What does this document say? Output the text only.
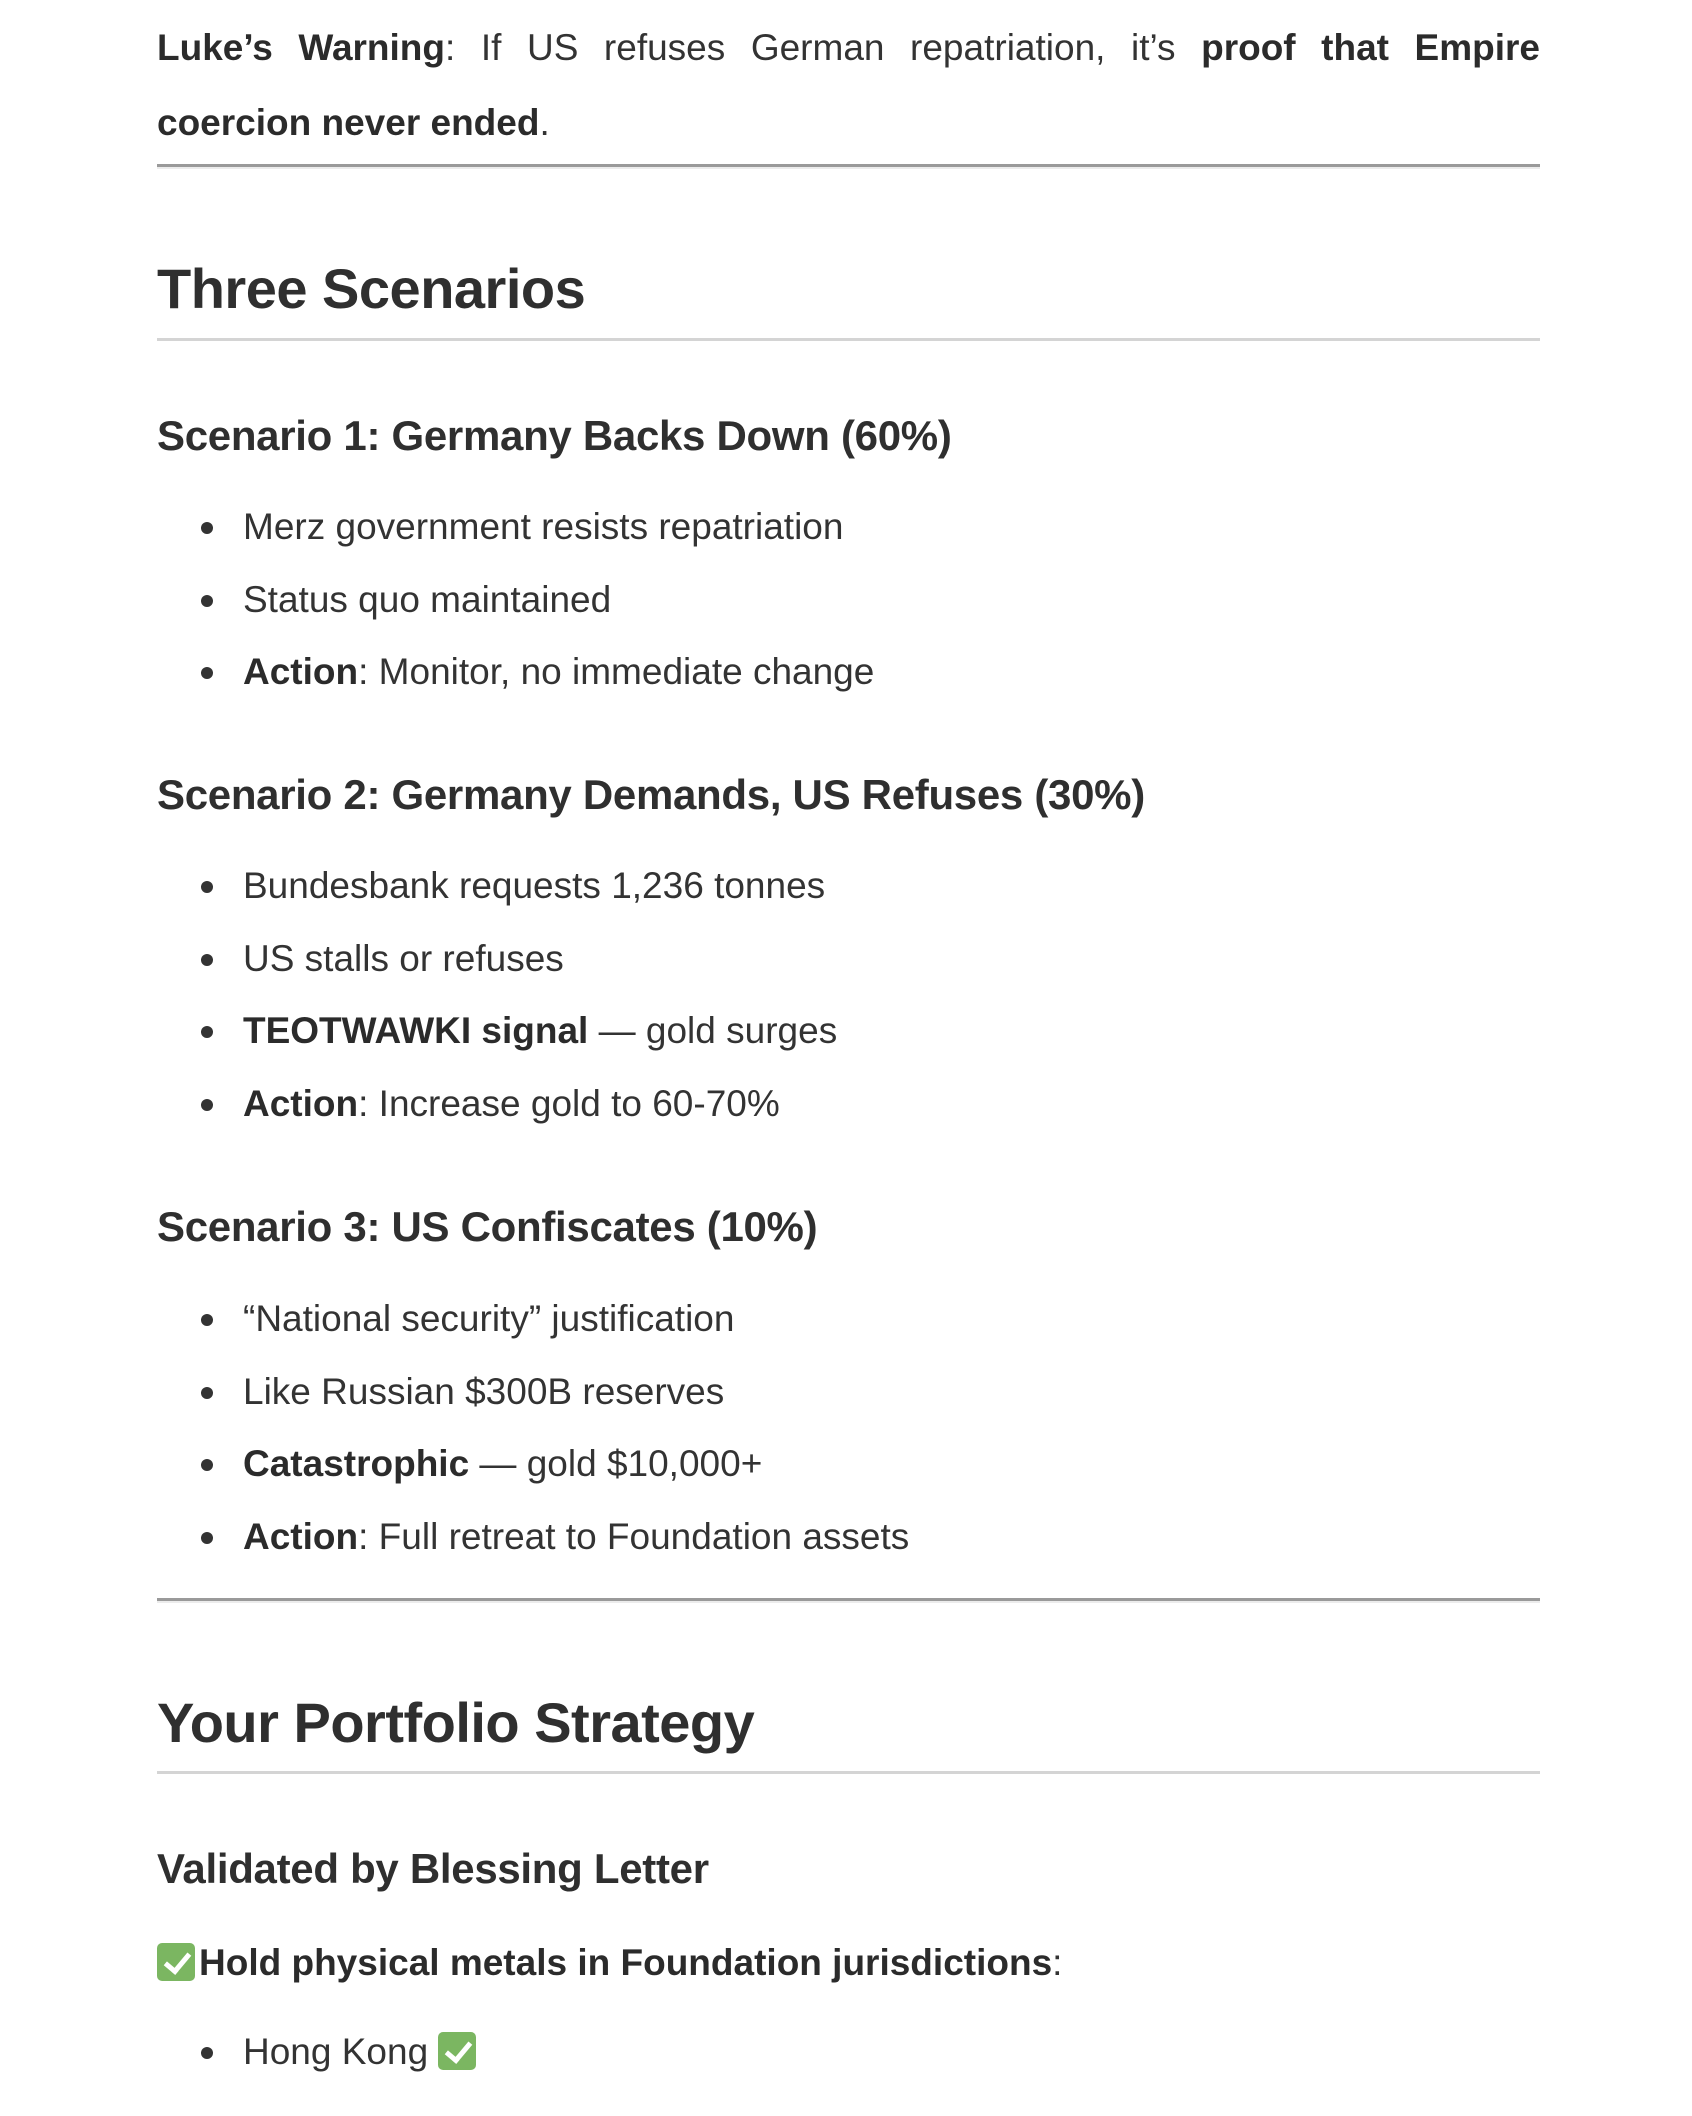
Luke’s Warning: If US refuses German repatriation, it’s proof that Empire coercion never ended.

Three Scenarios
Scenario 1: Germany Backs Down (60%)
Merz government resists repatriation
Status quo maintained
Action: Monitor, no immediate change
Scenario 2: Germany Demands, US Refuses (30%)
Bundesbank requests 1,236 tonnes
US stalls or refuses
TEOTWAWKI signal — gold surges
Action: Increase gold to 60-70%
Scenario 3: US Confiscates (10%)
“National security” justification
Like Russian $300B reserves
Catastrophic — gold $10,000+
Action: Full retreat to Foundation assets
Your Portfolio Strategy
Validated by Blessing Letter

Hold physical metals in Foundation jurisdictions:

Hong Kong
